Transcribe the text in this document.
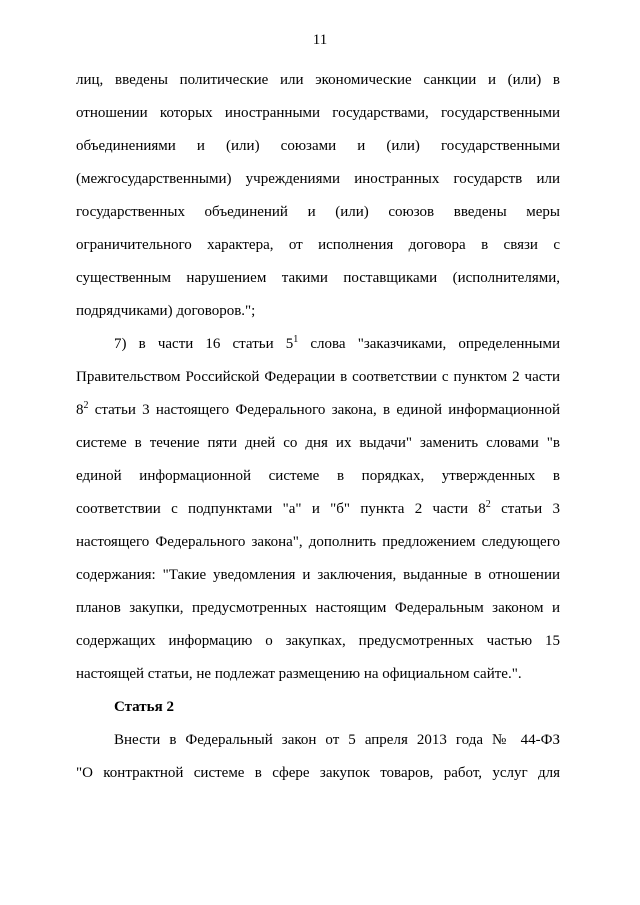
11
лиц, введены политические или экономические санкции и (или) в
отношении которых иностранными государствами, государственными
объединениями и (или) союзами и (или) государственными
(межгосударственными) учреждениями иностранных государств или
государственных объединений и (или) союзов введены меры
ограничительного характера, от исполнения договора в связи с
существенным нарушением такими поставщиками (исполнителями,
подрядчиками) договоров.";
7) в части 16 статьи $5^1$ слова "заказчиками, определенными
Правительством Российской Федерации в соответствии с пунктом 2 части
$8^2$ статьи 3 настоящего Федерального закона, в единой информационной
системе в течение пяти дней со дня их выдачи" заменить словами "в
единой информационной системе в порядках, утвержденных в
соответствии с подпунктами "а" и "б" пункта 2 части $8^2$ статьи 3
настоящего Федерального закона", дополнить предложением следующего
содержания: "Такие уведомления и заключения, выданные в отношении
планов закупки, предусмотренных настоящим Федеральным законом и
содержащих информацию о закупках, предусмотренных частью 15
настоящей статьи, не подлежат размещению на официальном сайте.".
Статья 2
Внести в Федеральный закон от 5 апреля 2013 года № 44-ФЗ
"О контрактной системе в сфере закупок товаров, работ, услуг для
